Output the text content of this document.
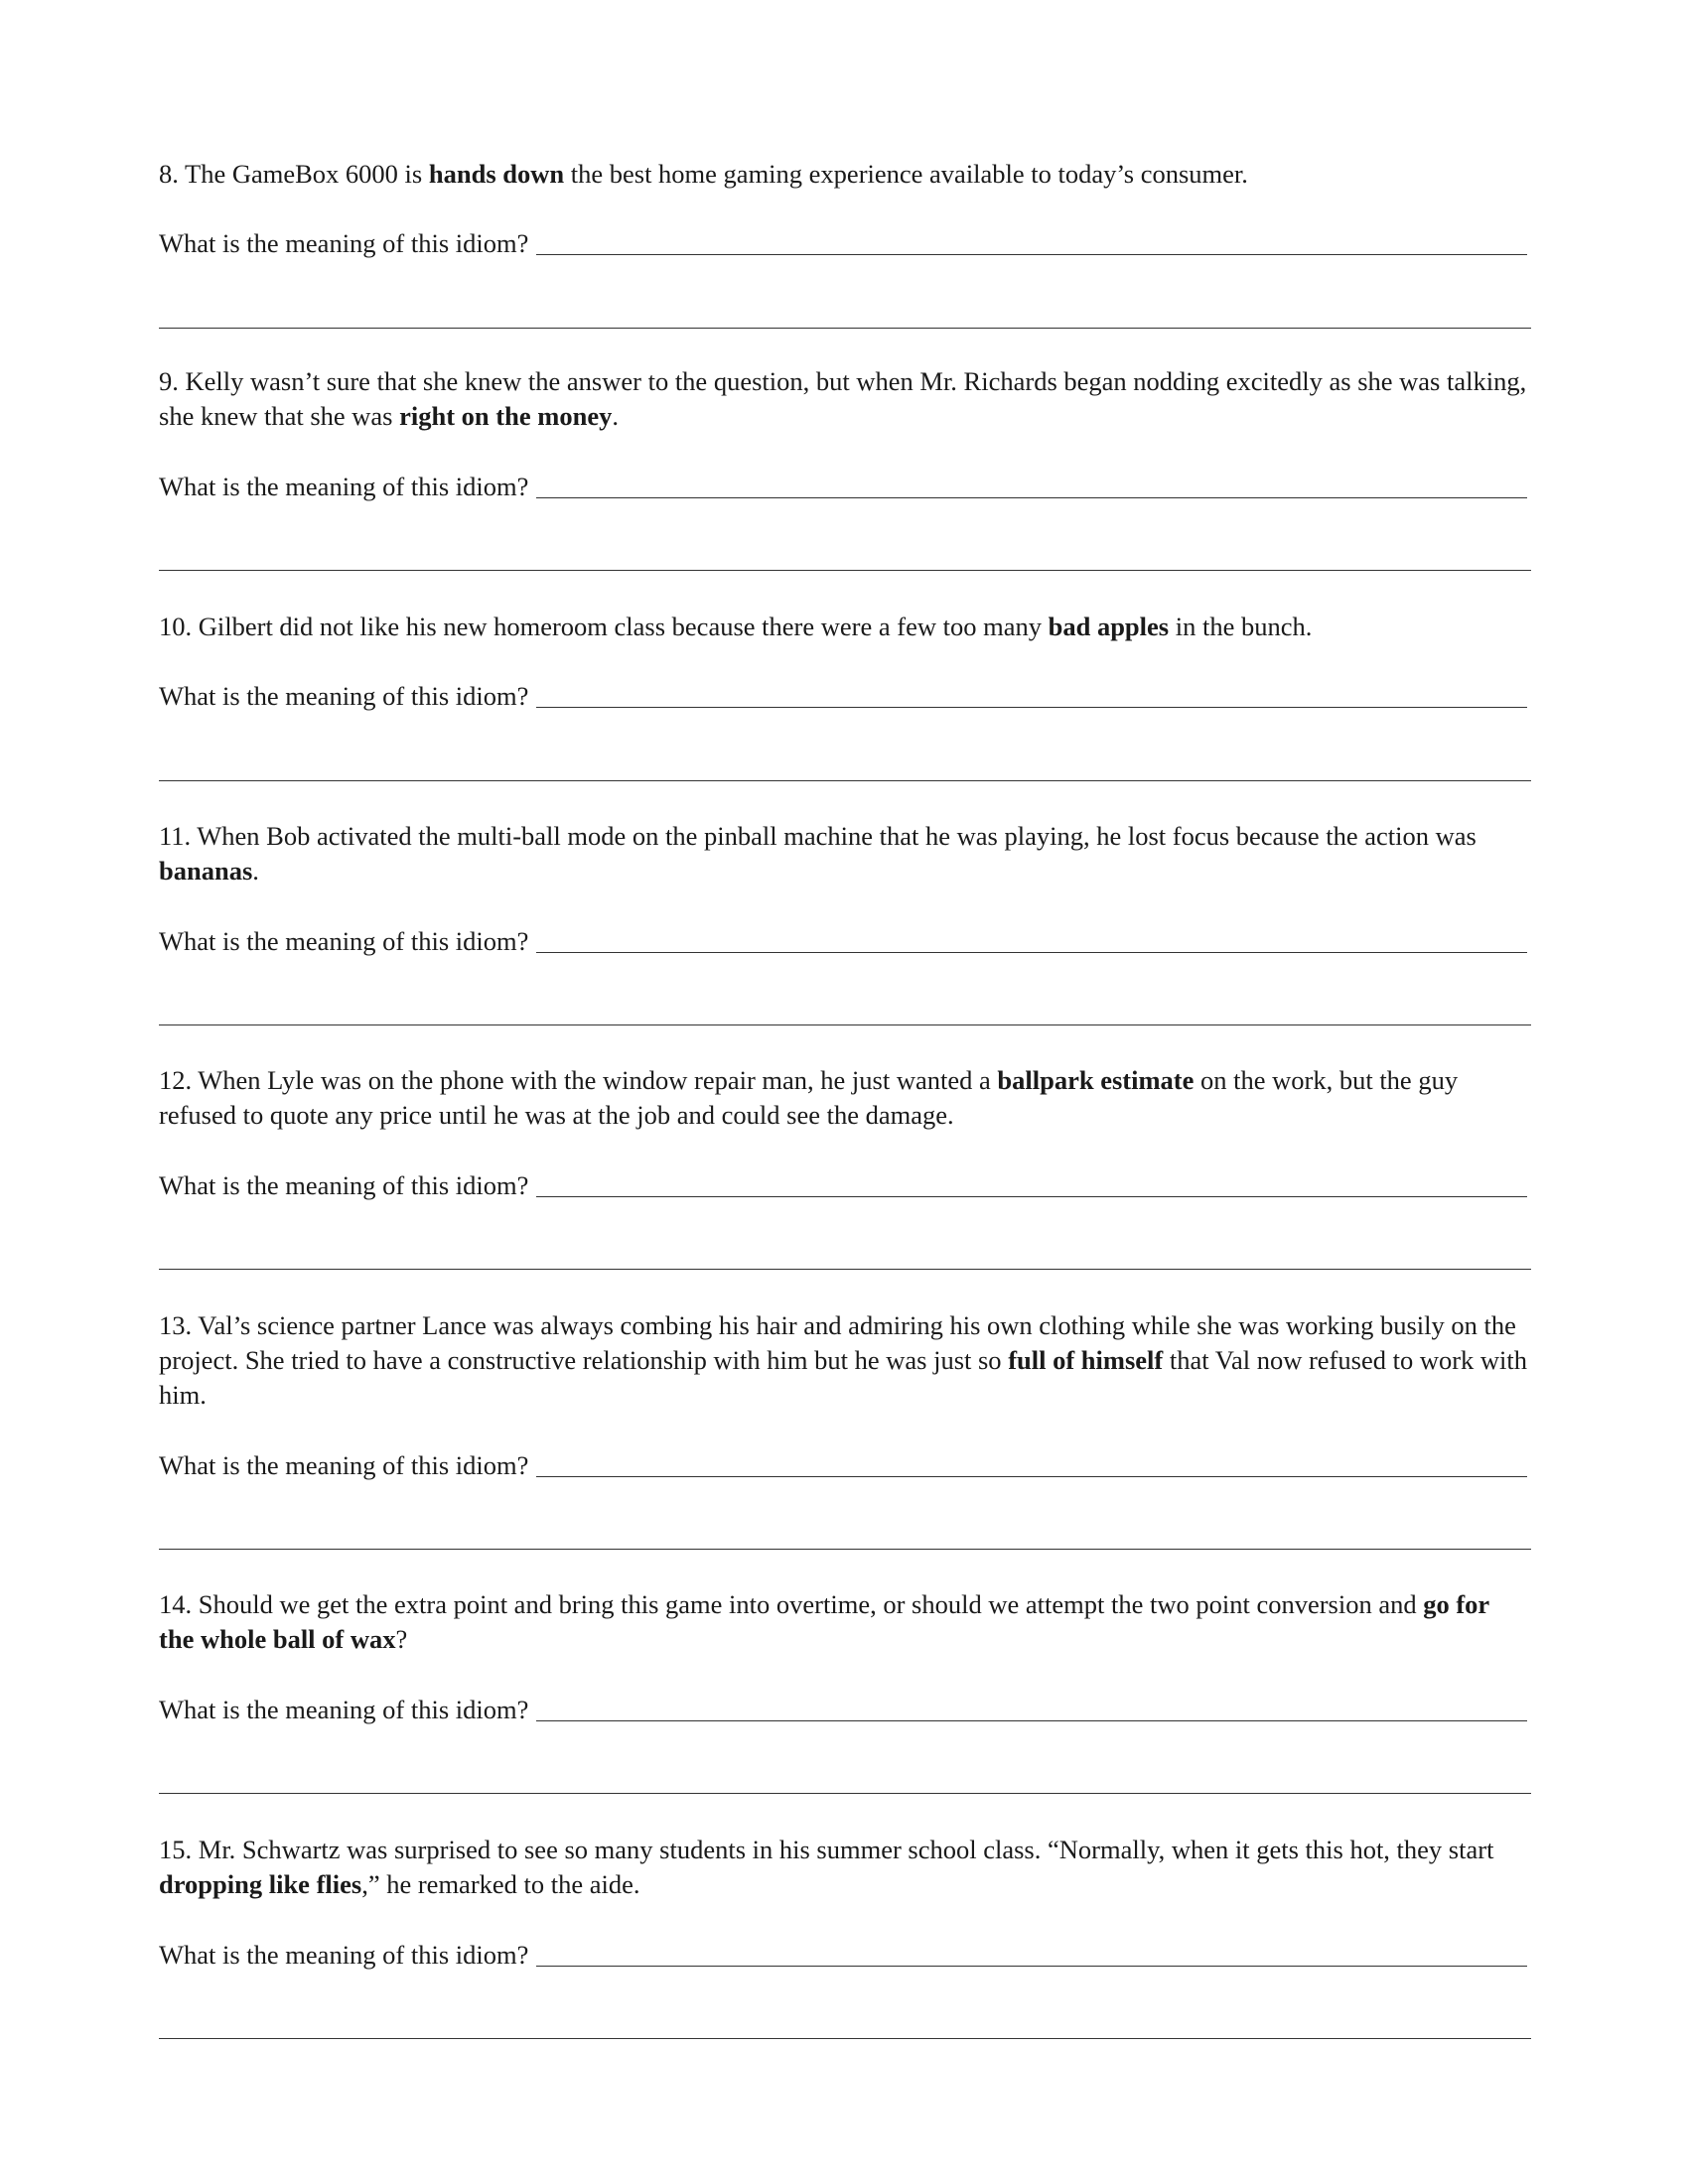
8. The GameBox 6000 is hands down the best home gaming experience available to today’s consumer.

What is the meaning of this idiom?

9. Kelly wasn’t sure that she knew the answer to the question, but when Mr. Richards began nodding excitedly as she was talking, she knew that she was right on the money.

What is the meaning of this idiom?

10. Gilbert did not like his new homeroom class because there were a few too many bad apples in the bunch.

What is the meaning of this idiom?

11. When Bob activated the multi-ball mode on the pinball machine that he was playing, he lost focus because the action was bananas.

What is the meaning of this idiom?

12. When Lyle was on the phone with the window repair man, he just wanted a ballpark estimate on the work, but the guy refused to quote any price until he was at the job and could see the damage.

What is the meaning of this idiom?

13. Val’s science partner Lance was always combing his hair and admiring his own clothing while she was working busily on the project. She tried to have a constructive relationship with him but he was just so full of himself that Val now refused to work with him.

What is the meaning of this idiom?

14. Should we get the extra point and bring this game into overtime, or should we attempt the two point conversion and go for the whole ball of wax?

What is the meaning of this idiom?

15. Mr. Schwartz was surprised to see so many students in his summer school class. “Normally, when it gets this hot, they start dropping like flies,” he remarked to the aide.

What is the meaning of this idiom?
